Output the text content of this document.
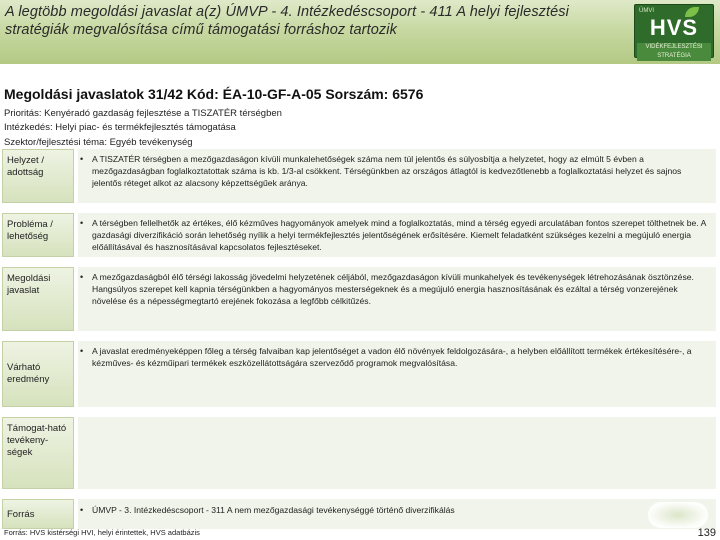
A legtöbb megoldási javaslat a(z) ÚMVP - 4. Intézkedéscsoport - 411 A helyi fejlesztési stratégiák megvalósítása című támogatási forráshoz tartozik
ÚMVI
HVS
VIDÉKFEJLESZTÉSI STRATÉGIA
Megoldási javaslatok 31/42 Kód: ÉA-10-GF-A-05 Sorszám: 6576
Prioritás: Kenyéradó gazdaság fejlesztése a TISZATÉR térségben
Intézkedés: Helyi piac- és termékfejlesztés támogatása
Szektor/fejlesztési téma: Egyéb tevékenység
Helyzet / adottság
• A TISZATÉR térségben a mezőgazdaságon kívüli munkalehetőségek száma nem túl jelentős és súlyosbítja a helyzetet, hogy az elmúlt 5 évben a mezőgazdaságban foglalkoztatottak száma is kb. 1/3-al csökkent. Térségünkben az országos átlagtól is kedvezőtlenebb a foglalkoztatási helyzet és sajnos jelentős réteget alkot az alacsony képzettségűek aránya.
Probléma / lehetőség
• A térségben fellelhetők az értékes, élő kézműves hagyományok amelyek mind a foglalkoztatás, mind a térség egyedi arculatában fontos szerepet tölthetnek be. A gazdasági diverzifikáció során lehetőség nyílik a helyi termékfejlesztés jelentőségének erősítésére. Kiemelt feladatként szükséges kezelni a megújuló energia előállításával és hasznosításával kapcsolatos fejlesztéseket.
Megoldási javaslat
• A mezőgazdaságból élő térségi lakosság jövedelmi helyzetének céljából, mezőgazdaságon kívüli munkahelyek és tevékenységek létrehozásának ösztönzése. Hangsúlyos szerepet kell kapnia térségünkben a hagyományos mesterségeknek és a megújuló energia hasznosításának és ezáltal a térség vonzerejének növelése és a népességmegtartó erejének fokozása a legfőbb célkitűzés.
Várható eredmény
• A javaslat eredményeképpen főleg a térség falvaiban kap jelentőséget a vadon élő növények feldolgozására-, a helyben előállított termékek értékesítésére-, a kézműves- és kézműipari termékek eszközellátottságára szerveződő programok megvalósítása.
Támogat-ható tevékeny-ségek
Forrás	• ÚMVP - 3. Intézkedéscsoport - 311 A nem mezőgazdasági tevékenységgé történő diverzifikálás
Forrás: HVS kistérségi HVI, helyi érintettek, HVS adatbázis	139
